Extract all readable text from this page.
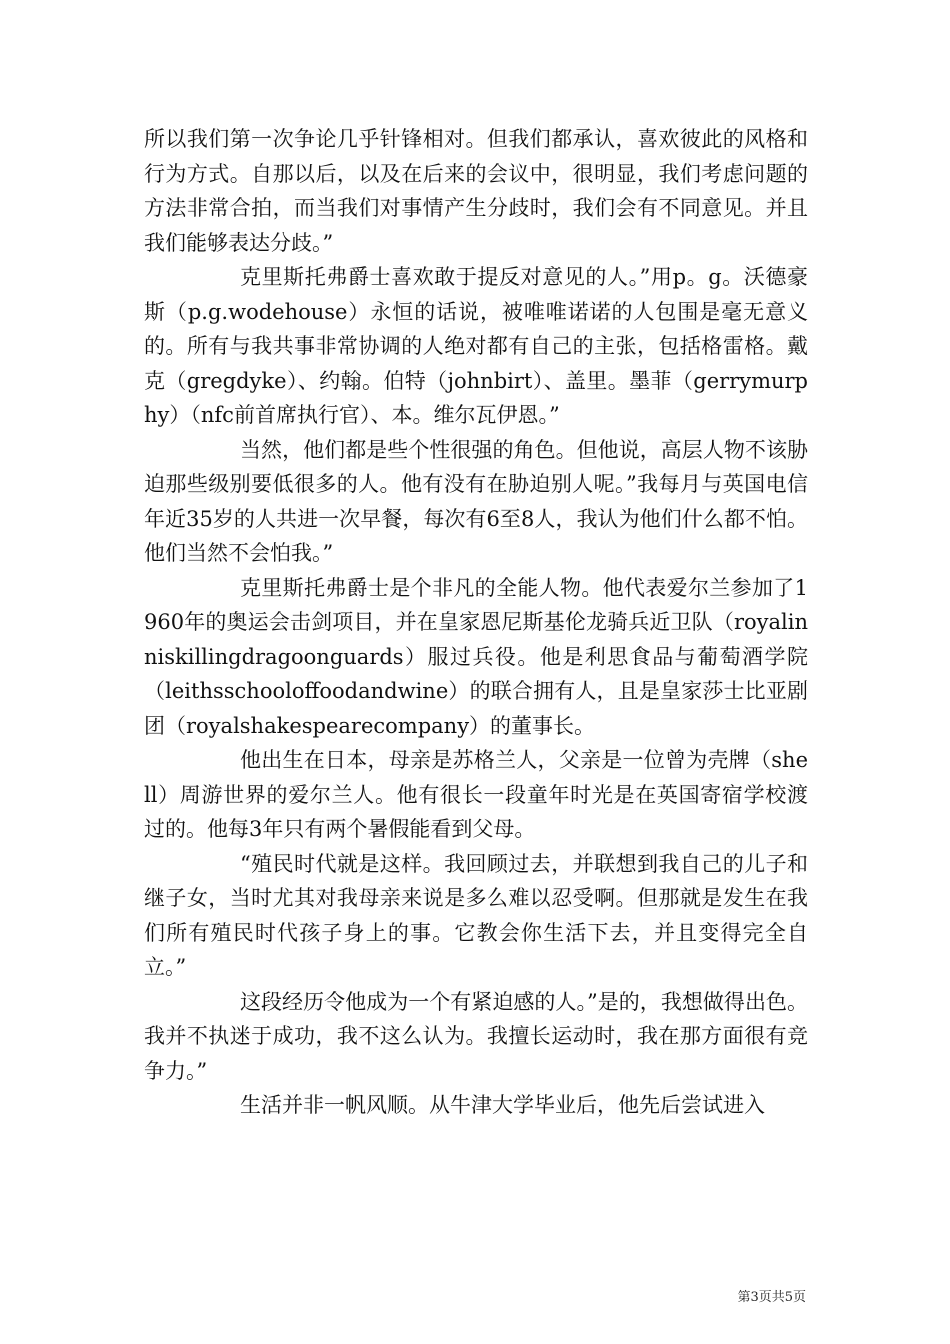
所以我们第一次争论几乎针锋相对。但我们都承认，喜欢彼此的风格和行为方式。自那以后，以及在后来的会议中，很明显，我们考虑问题的方法非常合拍，而当我们对事情产生分歧时，我们会有不同意见。并且我们能够表达分歧。”

克里斯托弗爵士喜欢敢于提反对意见的人。”用p。g。沃德豪斯（p.g.wodehouse）永恒的话说，被唯唯诺诺的人包围是毫无意义的。所有与我共事非常协调的人绝对都有自己的主张，包括格雷格。戴克（gregdyke）、约翰。伯特（johnbirt）、盖里。墨菲（gerrymurphy）（nfc前首席执行官）、本。维尔瓦伊恩。”

当然，他们都是些个性很强的角色。但他说，高层人物不该胁迫那些级别要低很多的人。他有没有在胁迫别人呢。”我每月与英国电信年近35岁的人共进一次早餐，每次有6至8人，我认为他们什么都不怕。他们当然不会怕我。”

克里斯托弗爵士是个非凡的全能人物。他代表爱尔兰参加了1960年的奥运会击剑项目，并在皇家恩尼斯基伦龙骑兵近卫队（royalinniskillingdragoonguards）服过兵役。他是利思食品与葡萄酒学院（leithsschooloffoodandwine）的联合拥有人，且是皇家莎士比亚剧团（royalshakespearecompany）的董事长。

他出生在日本，母亲是苏格兰人，父亲是一位曾为壳牌（shell）周游世界的爱尔兰人。他有很长一段童年时光是在英国寄宿学校渡过的。他每3年只有两个暑假能看到父母。

“殖民时代就是这样。我回顾过去，并联想到我自己的儿子和继子女，当时尤其对我母亲来说是多么难以忍受啊。但那就是发生在我们所有殖民时代孩子身上的事。它教会你生活下去，并且变得完全自立。”

这段经历令他成为一个有紧迫感的人。”是的，我想做得出色。我并不执迷于成功，我不这么认为。我擅长运动时，我在那方面很有竞争力。”

生活并非一帆风顺。从牛津大学毕业后，他先后尝试进入

第3页共5页
